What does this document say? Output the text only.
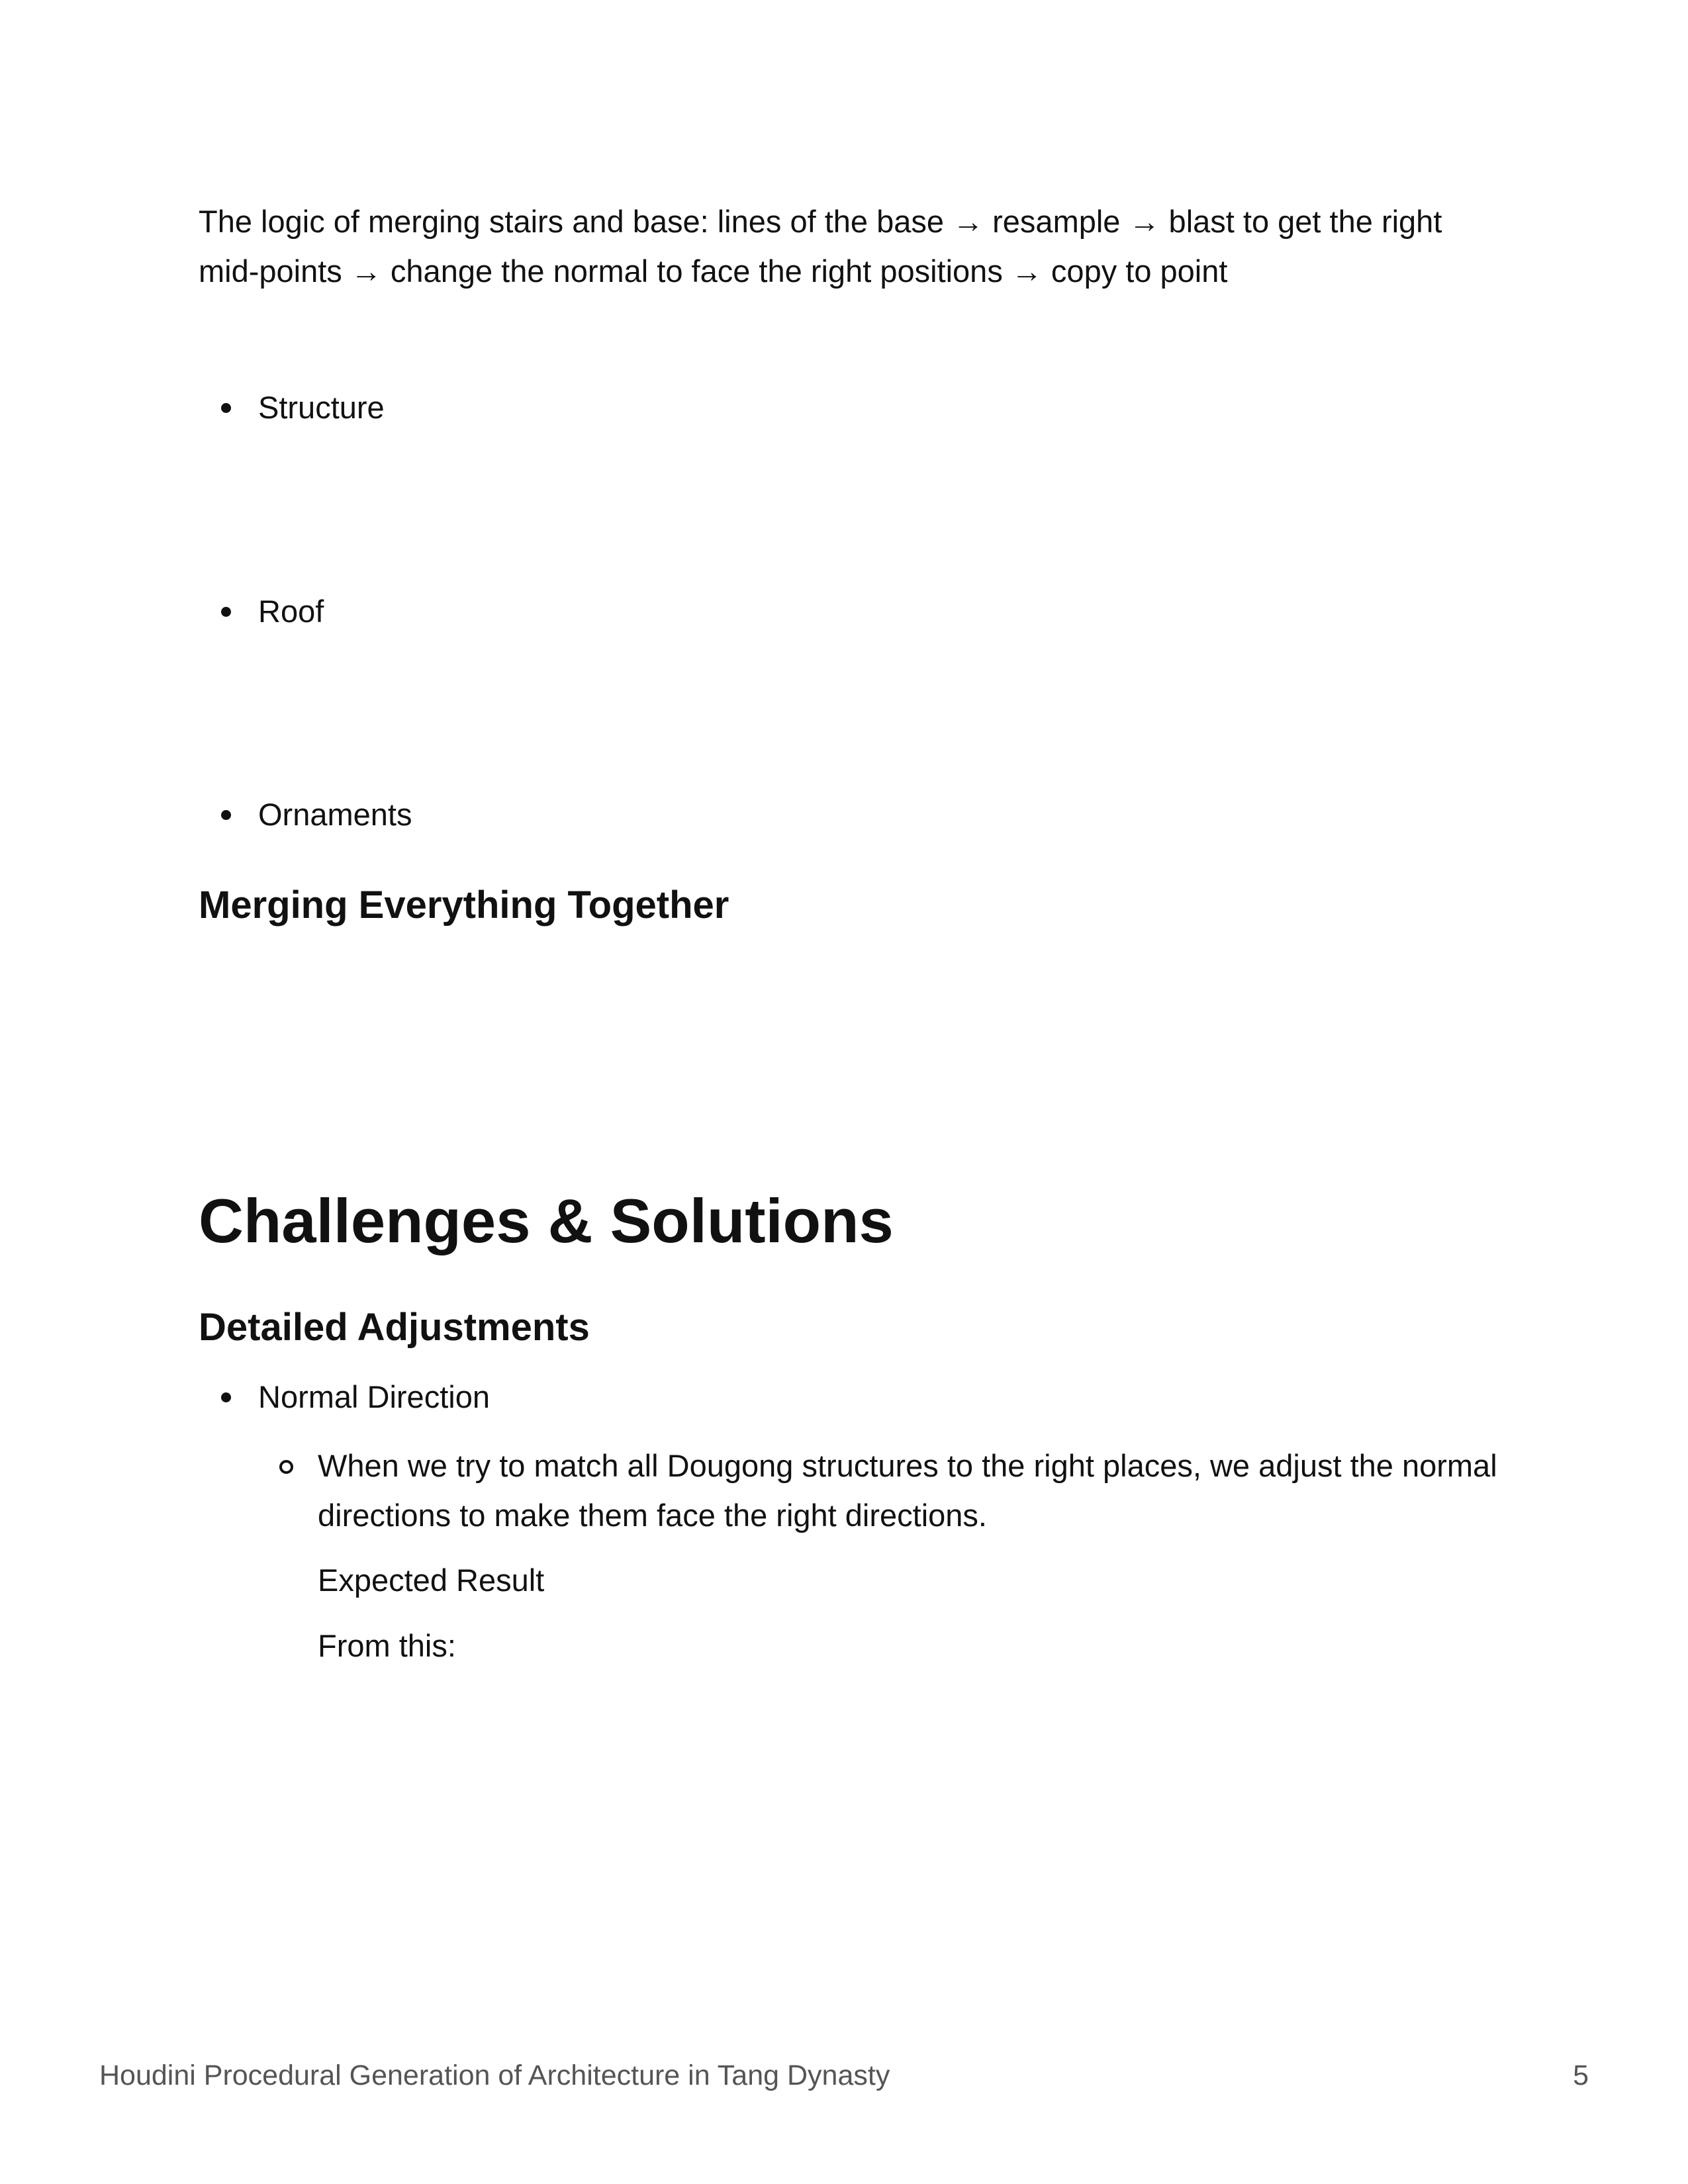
The logic of merging stairs and base: lines of the base → resample → blast to get the right mid-points → change the normal to face the right positions → copy to point

Structure
Roof
Ornaments
Merging Everything Together
Challenges & Solutions
Detailed Adjustments
Normal Direction
When we try to match all Dougong structures to the right places, we adjust the normal directions to make them face the right directions.

Expected Result

From this:

Houdini Procedural Generation of Architecture in Tang Dynasty	5
